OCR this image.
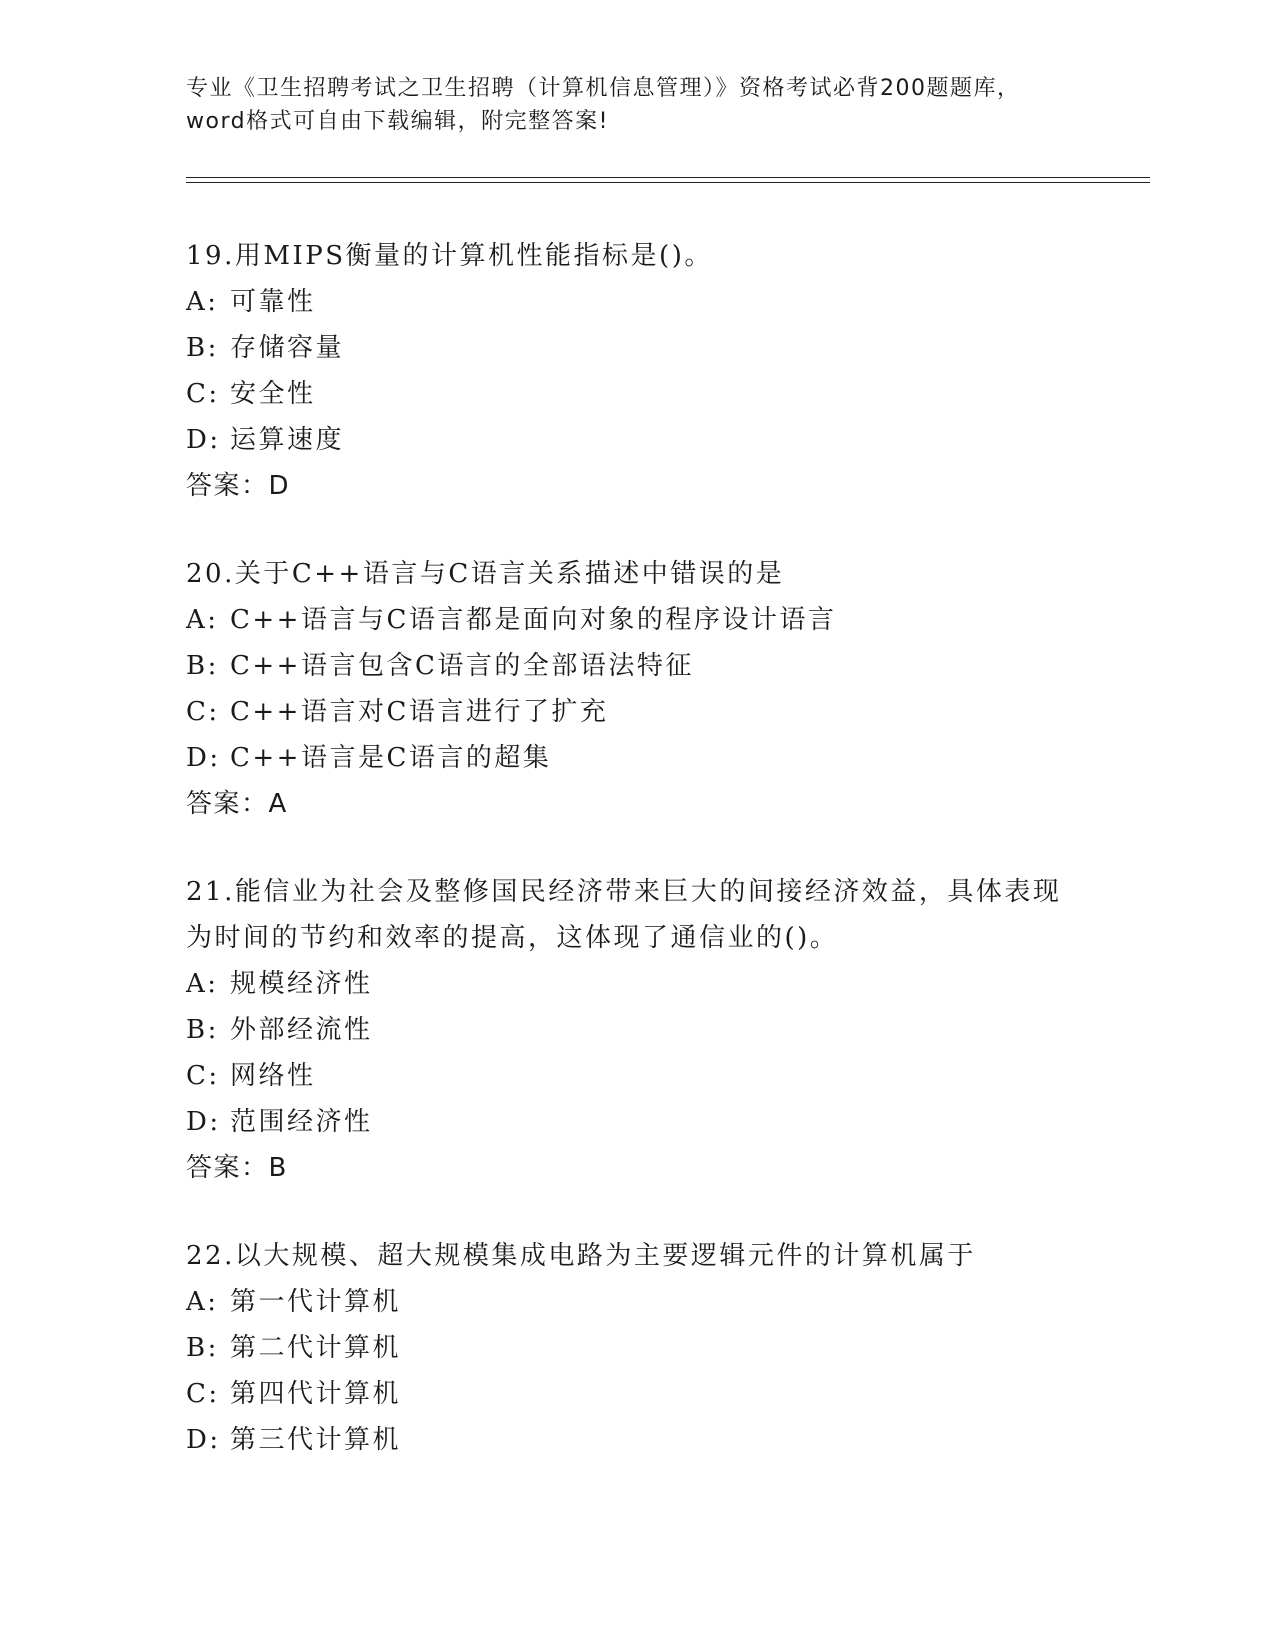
专业《卫生招聘考试之卫生招聘（计算机信息管理）》资格考试必背200题题库，
word格式可自由下载编辑，附完整答案!

19.用MIPS衡量的计算机性能指标是()。

A: 可靠性

B: 存储容量

C: 安全性

D: 运算速度

答案：D

20.关于C++语言与C语言关系描述中错误的是

A: C++语言与C语言都是面向对象的程序设计语言

B: C++语言包含C语言的全部语法特征

C: C++语言对C语言进行了扩充

D: C++语言是C语言的超集

答案：A

21.能信业为社会及整修国民经济带来巨大的间接经济效益，具体表现为时间的节约和效率的提高，这体现了通信业的()。

A: 规模经济性

B: 外部经流性

C: 网络性

D: 范围经济性

答案：B

22.以大规模、超大规模集成电路为主要逻辑元件的计算机属于

A: 第一代计算机

B: 第二代计算机

C: 第四代计算机

D: 第三代计算机
